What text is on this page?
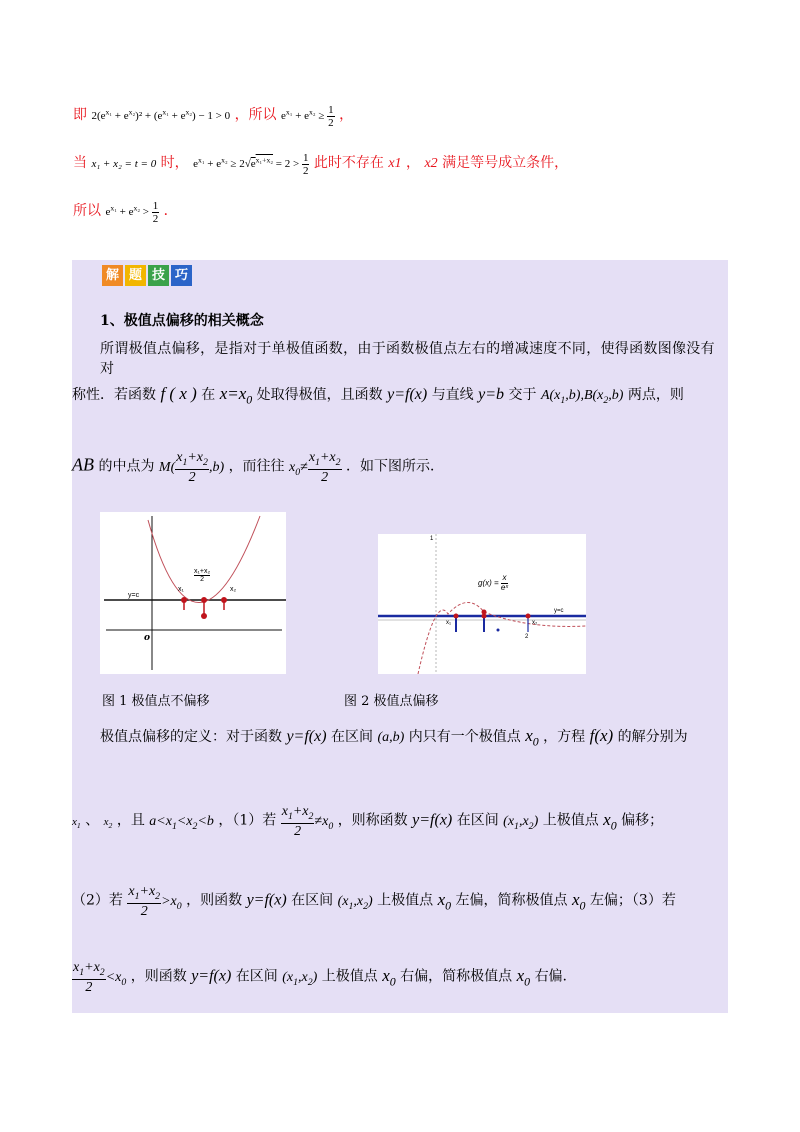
即 $2(e^{x_1} + e^{x_2})^2 + (e^{x_1} + e^{x_2}) - 1 > 0$ ，所以 $e^{x_1} + e^{x_2} \ge \frac{1}{2}$ ，
当 x₁ + x₂ = t = 0 时， $e^{x_1} + e^{x_2} \ge 2√e^{x_1+x_2} = 2 > \frac{1}{2}$ 此时不存在 x1 ， x2 满足等号成立条件，
所以 $e^{x_1} + e^{x_2} > \frac{1}{2}$ ．
解 题 技 巧
1、极值点偏移的相关概念
所谓极值点偏移，是指对于单极值函数，由于函数极值点左右的增减速度不同，使得函数图像没有对
称性．若函数 f ( x ) 在 $x=x_0$ 处取得极值，且函数 y=f(x) 与直线 y=b 交于 $A(x_1,b),B(x_2,b)$ 两点，则
AB 的中点为 $M( \frac{x_1+x_2}{2} ,b)$ ，而往往 $x_0\ne \frac{x_1+x_2}{2}$ ．如下图所示．
y=c
o
$\frac{\text{x₁+x₂}}{2}$
x₁	x₂
$g(x) = \frac{x}{\text{eˣ}}$
y=c
x₁	x₂
2
1
图 1 极值点不偏移	图 2 极值点偏移
极值点偏移的定义：对于函数 y=f(x) 在区间 (a,b) 内只有一个极值点 $x_0$ ，方程 f(x) 的解分别为
$x_1$ 、 $x_2$ ，且 $a<x_1<x_2<b$ ，（1）若 $\frac{x_1+x_2}{2} \ne x_0$ ，则称函数 y=f(x) 在区间 $(x_1,x_2)$ 上极值点 $x_0$ 偏移；
（2）若 $\frac{x_1+x_2}{2} >x_0$ ，则函数 y=f(x) 在区间 $(x_1,x_2)$ 上极值点 $x_0$ 左偏，简称极值点 $x_0$ 左偏；（3）若
$\frac{x_1+x_2}{2} <x_0$ ，则函数 y=f(x) 在区间 $(x_1,x_2)$ 上极值点 $x_0$ 右偏，简称极值点 $x_0$ 右偏.
